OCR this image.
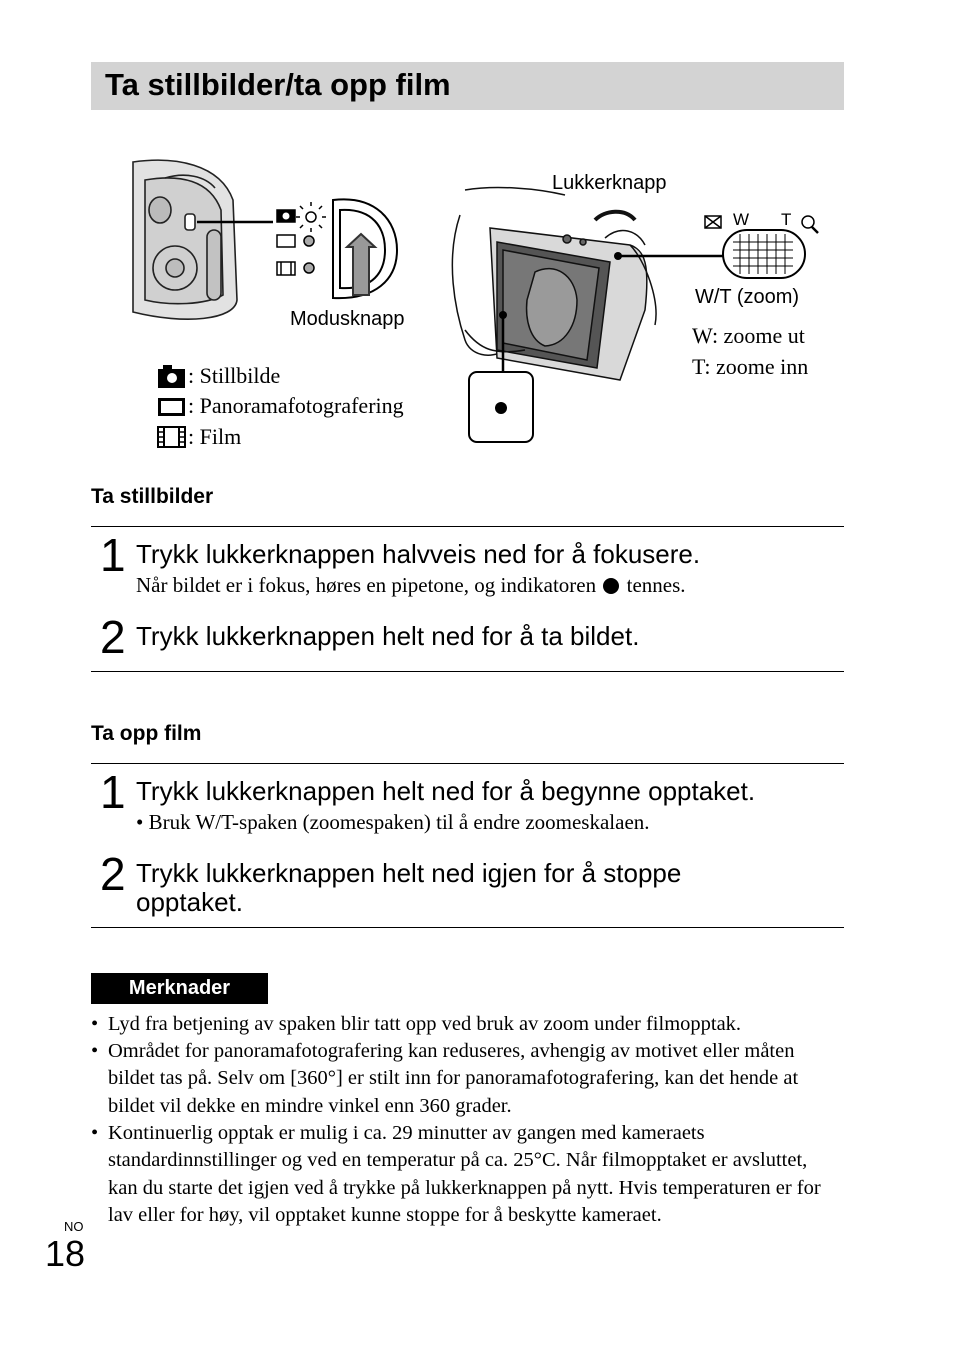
Ta stillbilder/ta opp film
Lukkerknapp
Modusknapp
W T
W/T (zoom)
W: zoome ut
T: zoome inn
: Stillbilde
: Panoramafotografering
: Film
Ta stillbilder
1 Trykk lukkerknappen halvveis ned for å fokusere.
Når bildet er i fokus, høres en pipetone, og indikatoren tennes.
2 Trykk lukkerknappen helt ned for å ta bildet.
Ta opp film
1 Trykk lukkerknappen helt ned for å begynne opptaket.
• Bruk W/T-spaken (zoomespaken) til å endre zoomeskalaen.
2 Trykk lukkerknappen helt ned igjen for å stoppe
opptaket.
Merknader
• Lyd fra betjening av spaken blir tatt opp ved bruk av zoom under filmopptak.
• Området for panoramafotografering kan reduseres, avhengig av motivet eller måten bildet tas på. Selv om [360°] er stilt inn for panoramafotografering, kan det hende at bildet vil dekke en mindre vinkel enn 360 grader.
• Kontinuerlig opptak er mulig i ca. 29 minutter av gangen med kameraets standardinnstillinger og ved en temperatur på ca. 25°C. Når filmopptaket er avsluttet, kan du starte det igjen ved å trykke på lukkerknappen på nytt. Hvis temperaturen er for lav eller for høy, vil opptaket kunne stoppe for å beskytte kameraet.
NO
18
